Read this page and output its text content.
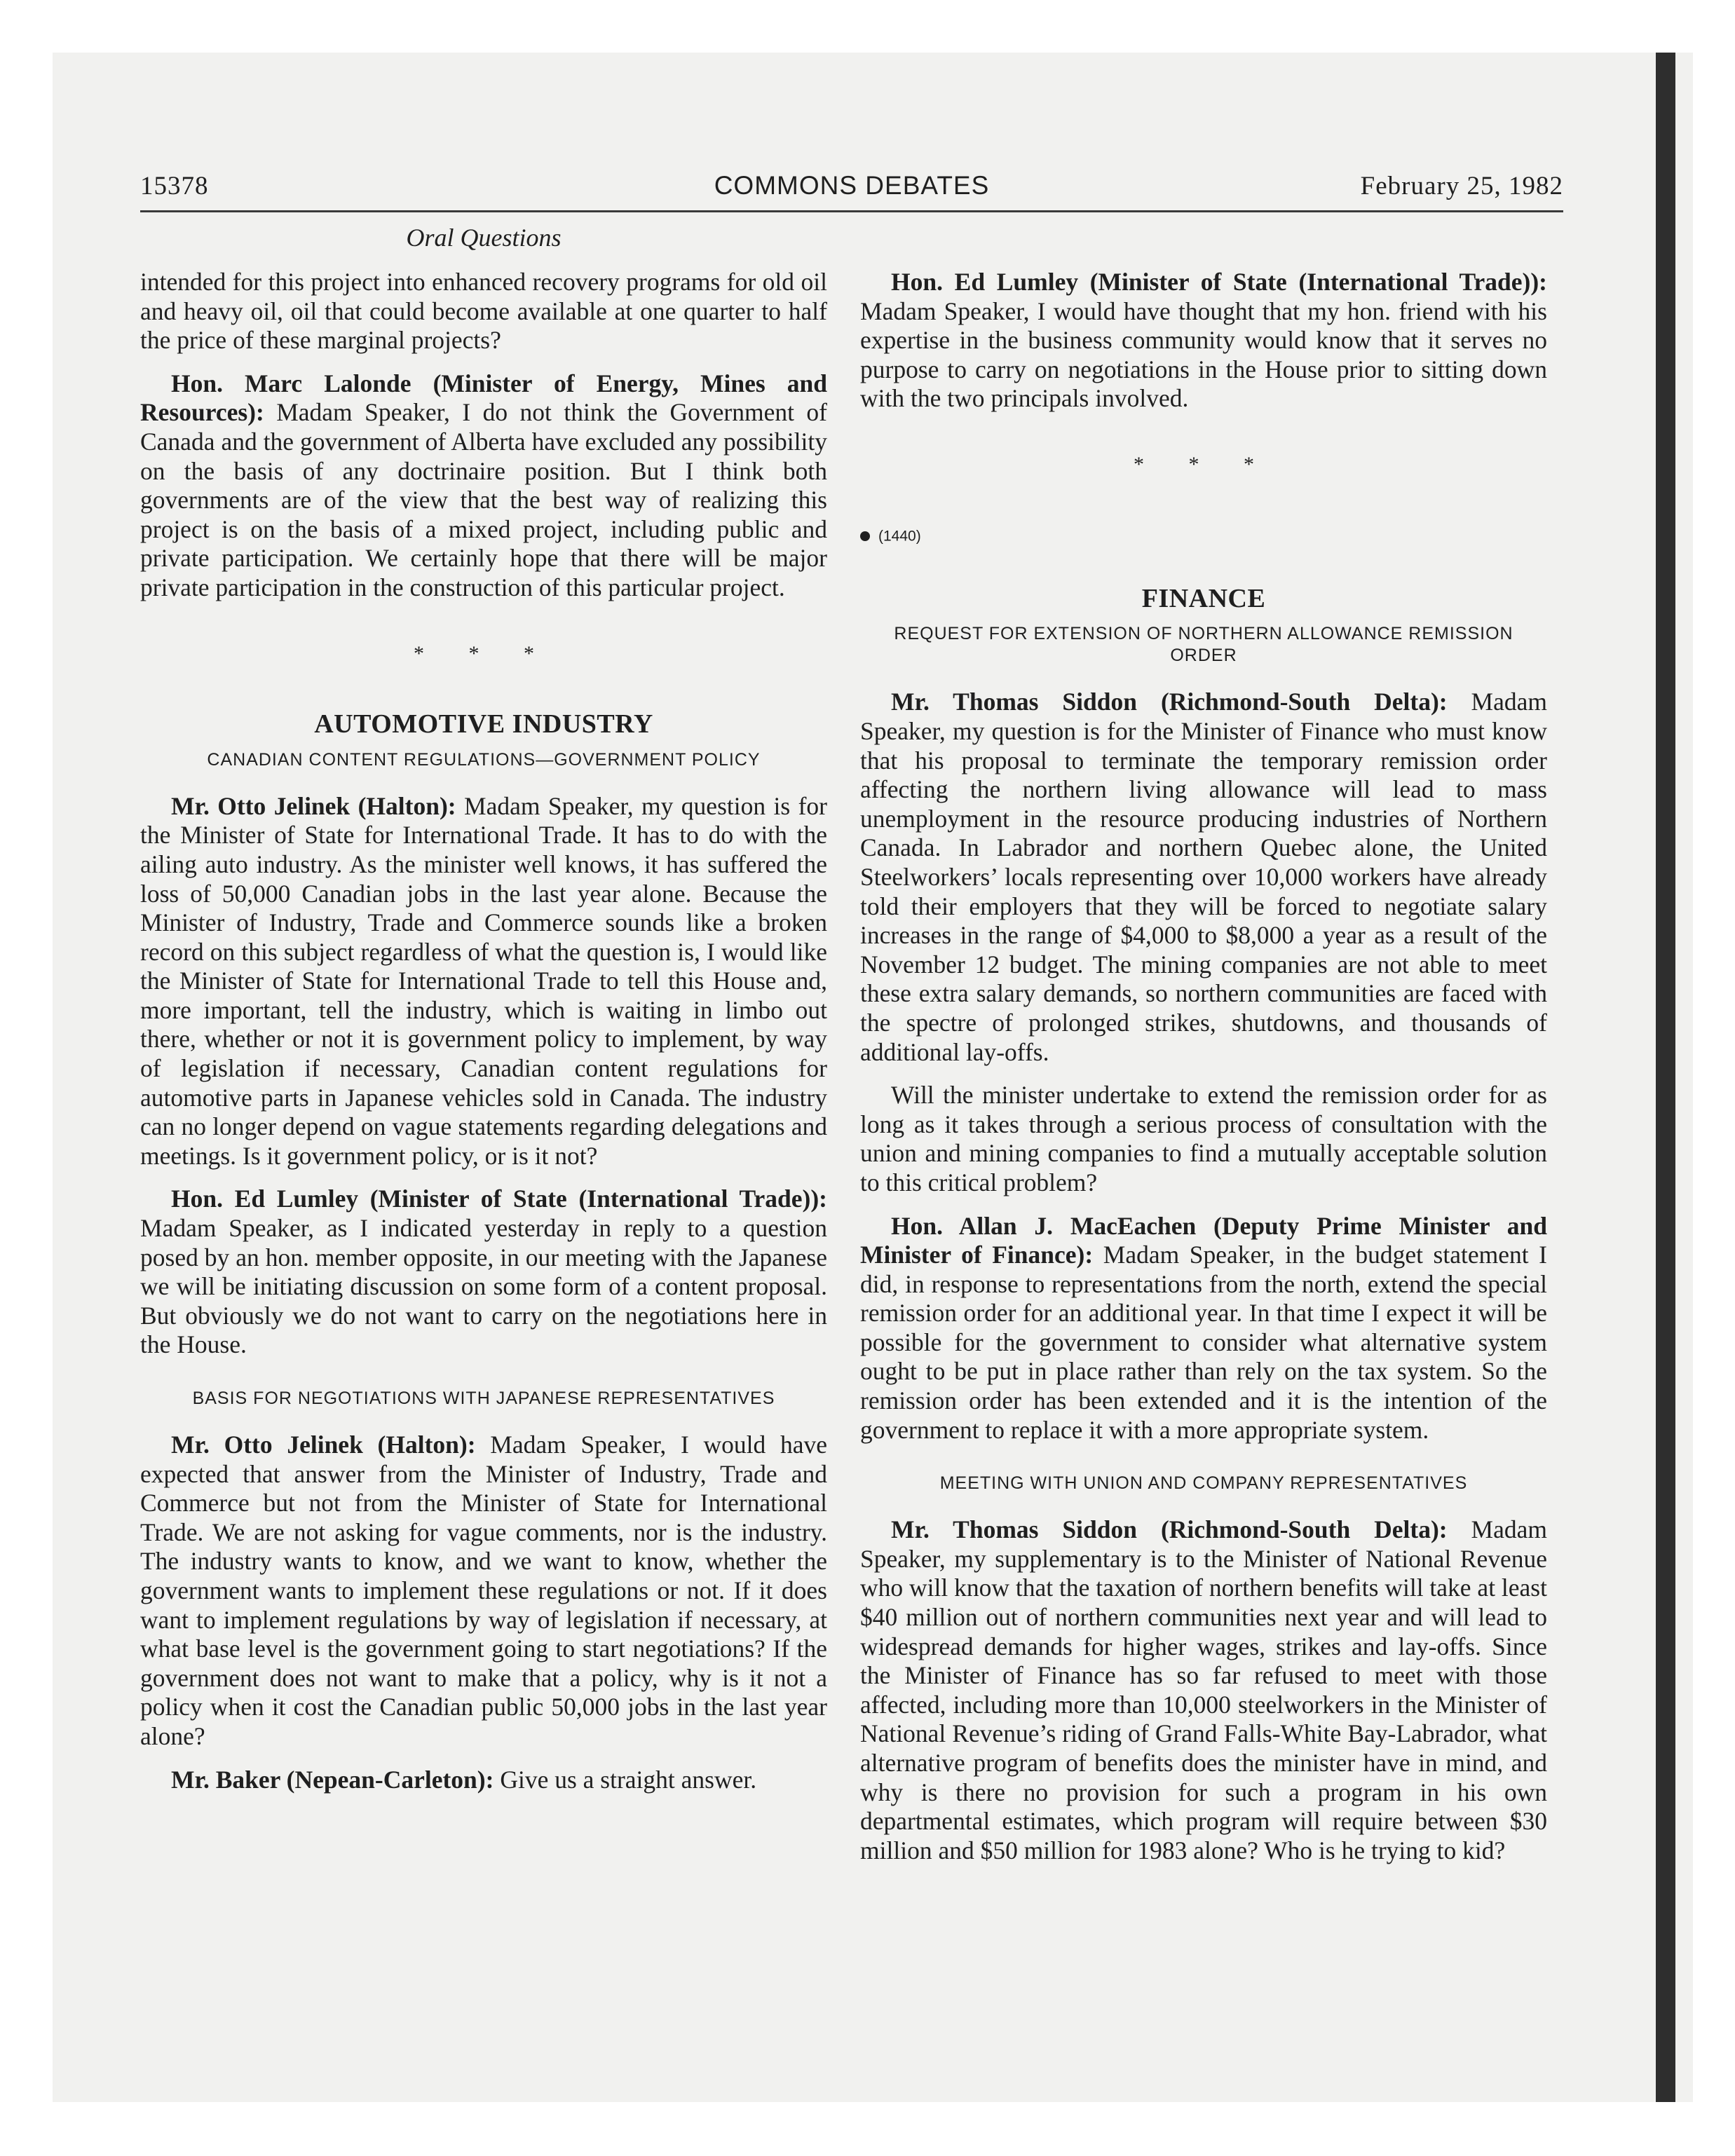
15378	COMMONS DEBATES	February 25, 1982
Oral Questions

intended for this project into enhanced recovery programs for old oil and heavy oil, oil that could become available at one quarter to half the price of these marginal projects?

Hon. Marc Lalonde (Minister of Energy, Mines and Resources): Madam Speaker, I do not think the Government of Canada and the government of Alberta have excluded any possibility on the basis of any doctrinaire position. But I think both governments are of the view that the best way of realizing this project is on the basis of a mixed project, including public and private participation. We certainly hope that there will be major private participation in the construction of this particular project.

* * *
AUTOMOTIVE INDUSTRY
CANADIAN CONTENT REGULATIONS—GOVERNMENT POLICY

Mr. Otto Jelinek (Halton): Madam Speaker, my question is for the Minister of State for International Trade. It has to do with the ailing auto industry. As the minister well knows, it has suffered the loss of 50,000 Canadian jobs in the last year alone. Because the Minister of Industry, Trade and Commerce sounds like a broken record on this subject regardless of what the question is, I would like the Minister of State for International Trade to tell this House and, more important, tell the industry, which is waiting in limbo out there, whether or not it is government policy to implement, by way of legislation if necessary, Canadian content regulations for automotive parts in Japanese vehicles sold in Canada. The industry can no longer depend on vague statements regarding delegations and meetings. Is it government policy, or is it not?

Hon. Ed Lumley (Minister of State (International Trade)): Madam Speaker, as I indicated yesterday in reply to a question posed by an hon. member opposite, in our meeting with the Japanese we will be initiating discussion on some form of a content proposal. But obviously we do not want to carry on the negotiations here in the House.

BASIS FOR NEGOTIATIONS WITH JAPANESE REPRESENTATIVES

Mr. Otto Jelinek (Halton): Madam Speaker, I would have expected that answer from the Minister of Industry, Trade and Commerce but not from the Minister of State for International Trade. We are not asking for vague comments, nor is the industry. The industry wants to know, and we want to know, whether the government wants to implement these regulations or not. If it does want to implement regulations by way of legislation if necessary, at what base level is the government going to start negotiations? If the government does not want to make that a policy, why is it not a policy when it cost the Canadian public 50,000 jobs in the last year alone?

Mr. Baker (Nepean-Carleton): Give us a straight answer.

Hon. Ed Lumley (Minister of State (International Trade)): Madam Speaker, I would have thought that my hon. friend with his expertise in the business community would know that it serves no purpose to carry on negotiations in the House prior to sitting down with the two principals involved.

* * *
(1440)
FINANCE
REQUEST FOR EXTENSION OF NORTHERN ALLOWANCE REMISSION ORDER

Mr. Thomas Siddon (Richmond-South Delta): Madam Speaker, my question is for the Minister of Finance who must know that his proposal to terminate the temporary remission order affecting the northern living allowance will lead to mass unemployment in the resource producing industries of Northern Canada. In Labrador and northern Quebec alone, the United Steelworkers’ locals representing over 10,000 workers have already told their employers that they will be forced to negotiate salary increases in the range of $4,000 to $8,000 a year as a result of the November 12 budget. The mining companies are not able to meet these extra salary demands, so northern communities are faced with the spectre of prolonged strikes, shutdowns, and thousands of additional lay-offs.

Will the minister undertake to extend the remission order for as long as it takes through a serious process of consultation with the union and mining companies to find a mutually acceptable solution to this critical problem?

Hon. Allan J. MacEachen (Deputy Prime Minister and Minister of Finance): Madam Speaker, in the budget statement I did, in response to representations from the north, extend the special remission order for an additional year. In that time I expect it will be possible for the government to consider what alternative system ought to be put in place rather than rely on the tax system. So the remission order has been extended and it is the intention of the government to replace it with a more appropriate system.

MEETING WITH UNION AND COMPANY REPRESENTATIVES

Mr. Thomas Siddon (Richmond-South Delta): Madam Speaker, my supplementary is to the Minister of National Revenue who will know that the taxation of northern benefits will take at least $40 million out of northern communities next year and will lead to widespread demands for higher wages, strikes and lay-offs. Since the Minister of Finance has so far refused to meet with those affected, including more than 10,000 steelworkers in the Minister of National Revenue’s riding of Grand Falls-White Bay-Labrador, what alternative program of benefits does the minister have in mind, and why is there no provision for such a program in his own departmental estimates, which program will require between $30 million and $50 million for 1983 alone? Who is he trying to kid?
